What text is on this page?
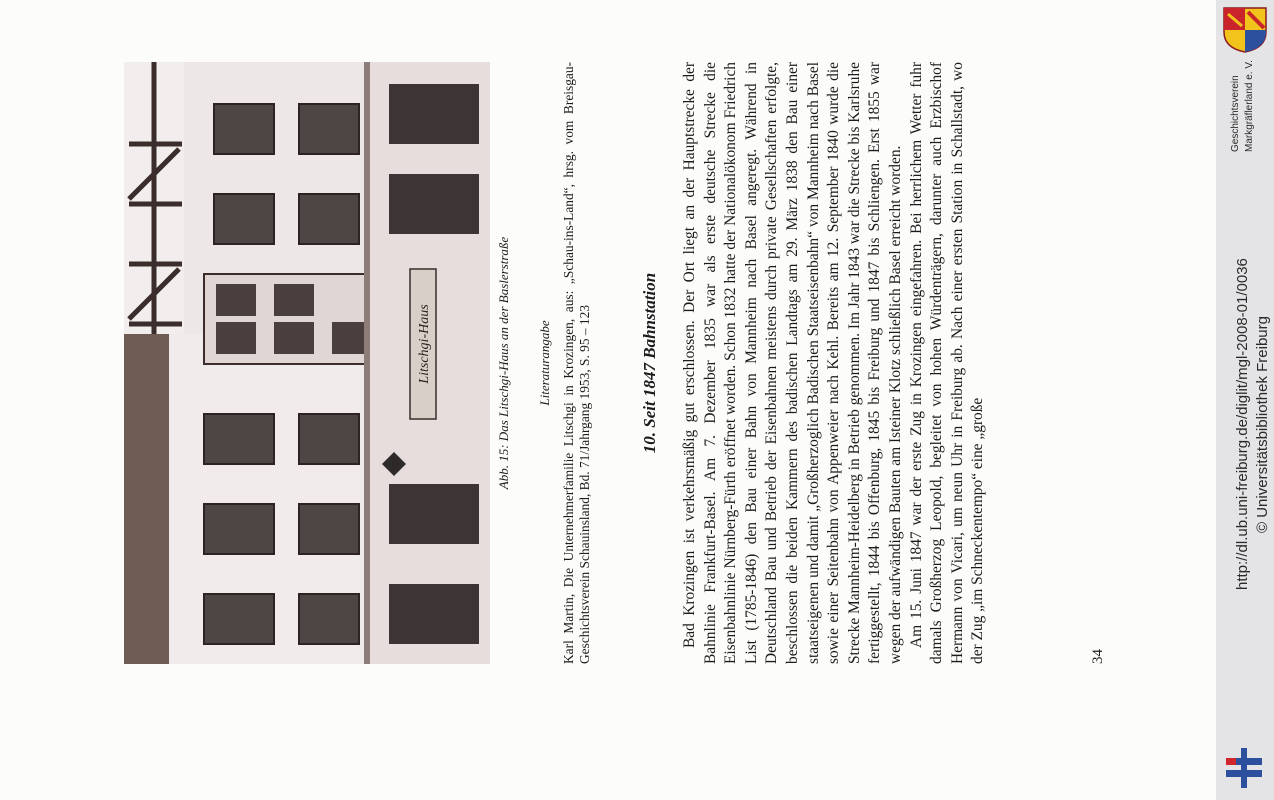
Litschgi-Haus	Abb. 15: Das Litschgi-Haus an der Baslerstraße Literaturangabe Karl Martin, Die Unternehmerfamilie Litschgi in Krozingen, aus: „Schau-ins-Land“, hrsg. vom Breisgau-Geschichtsverein Schauinsland, Bd. 71/Jahrgang 1953, S. 95 – 123	10. Seit 1847 Bahnstation Bad Krozingen ist verkehrsmäßig gut erschlossen. Der Ort liegt an der Hauptstrecke der Bahnlinie Frankfurt-Basel. Am 7. Dezember 1835 war als erste deutsche Strecke die Eisenbahnlinie Nürnberg-Fürth eröffnet worden. Schon 1832 hatte der Nationalökonom Friedrich List (1785-1846) den Bau einer Bahn von Mannheim nach Basel angeregt. Während in Deutschland Bau und Betrieb der Eisenbahnen meistens durch private Gesellschaften erfolgte, beschlossen die beiden Kammern des badischen Landtags am 29. März 1838 den Bau einer staatseigenen und damit „Großherzoglich Badischen Staatseisenbahn“ von Mannheim nach Basel sowie einer Seitenbahn von Appenweier nach Kehl. Bereits am 12. September 1840 wurde die Strecke Mannheim-Heidelberg in Betrieb genommen. Im Jahr 1843 war die Strecke bis Karlsruhe fertiggestellt, 1844 bis Offenburg, 1845 bis Freiburg und 1847 bis Schliengen. Erst 1855 war wegen der aufwändigen Bauten am Isteiner Klotz schließlich Basel erreicht worden. Am 15. Juni 1847 war der erste Zug in Krozingen eingefahren. Bei herrlichem Wetter fuhr damals Großherzog Leopold, begleitet von hohen Würdenträgern, darunter auch Erzbischof Hermann von Vicari, um neun Uhr in Freiburg ab. Nach einer ersten Station in Schallstadt, wo der Zug „im Schneckentempo“ eine „große	34
Geschichtsverein Markgräflerland e. V.
http://dl.ub.uni-freiburg.de/diglit/mgl-2008-01/0036 © Universitätsbibliothek Freiburg
